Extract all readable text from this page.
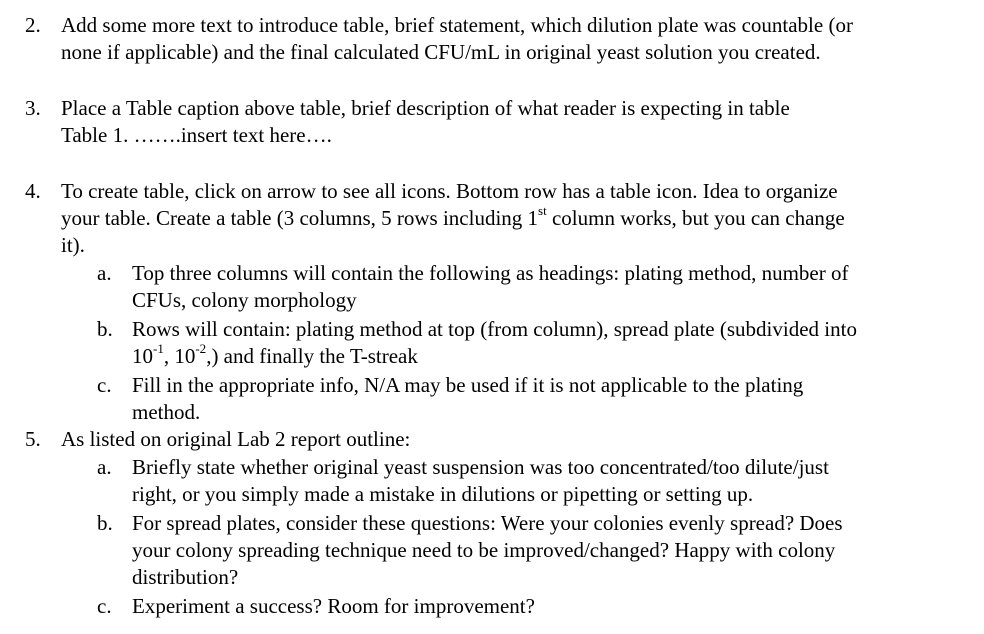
2. Add some more text to introduce table, brief statement, which dilution plate was countable (or
none if applicable) and the final calculated CFU/mL in original yeast solution you created.
3. Place a Table caption above table, brief description of what reader is expecting in table
Table 1. …….insert text here….
4. To create table, click on arrow to see all icons. Bottom row has a table icon. Idea to organize
your table. Create a table (3 columns, 5 rows including 1st column works, but you can change
it).
a. Top three columns will contain the following as headings: plating method, number of
CFUs, colony morphology
b. Rows will contain: plating method at top (from column), spread plate (subdivided into
$10^{-1}$, $10^{-2}$,) and finally the T-streak
c. Fill in the appropriate info, N/A may be used if it is not applicable to the plating
method.
5. As listed on original Lab 2 report outline:
a. Briefly state whether original yeast suspension was too concentrated/too dilute/just
right, or you simply made a mistake in dilutions or pipetting or setting up.
b. For spread plates, consider these questions: Were your colonies evenly spread? Does
your colony spreading technique need to be improved/changed? Happy with colony
distribution?
c. Experiment a success? Room for improvement?
